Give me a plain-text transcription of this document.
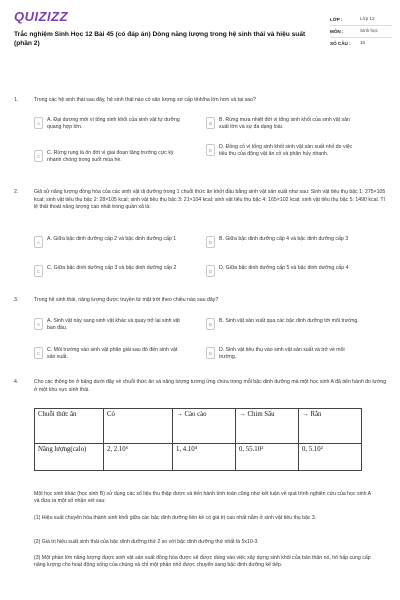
QUIZIZZ
Trắc nghiệm Sinh Học 12 Bài 45 (có đáp án) Dòng năng lượng trong hệ sinh thái và hiệu suất (phần 2)
LỚP :	Lớp 12
MÔN :	Sinh học
SỐ CÂU :	15
1.	Trong các hệ sinh thái sau đây, hệ sinh thái nào có sản lượng sơ cấp tinh/ha lớn hơn và tại sao?
A	A. Đại dương mới vì tổng sinh khối của sinh vật tự dưỡng quang hợp lớn.
B	B. Rừng mưa nhiệt đới vì tổng sinh khối của sinh vật sản xuất lớn và sự đa dạng loài.
C	C. Rừng rụng lá ôn đới vì giai đoạn tăng trưởng cực kỳ nhanh chóng trong suốt mùa hè.
D	D. Đồng cỏ vì tổng sinh khối sinh vật sản xuất nhỏ do việc tiêu thụ của động vật ăn cỏ và phân hủy nhanh.
2.	Giả sử năng lượng đồng hóa của các sinh vật dị dưỡng trong 1 chuỗi thức ăn khởi đầu bằng sinh vật sản xuất như sau: Sinh vật tiêu thụ bậc 1: 275×105 kcal; sinh vật tiêu thụ bậc 2: 28×105 kcal; sinh vật tiêu thụ bậc 3: 21×104 kcal; sinh vật tiêu thụ bậc 4: 165×102 kcal; sinh vật tiêu thụ bậc 5: 1490 kcal. Tỉ lệ thất thoát năng lượng cao nhất trong quần xã là:
A	A. Giữa bậc dinh dưỡng cấp 2 và bậc dinh dưỡng cấp 1	B	B. Giữa bậc dinh dưỡng cấp 4 và bậc dinh dưỡng cấp 3
C	C. Giữa bậc dinh dưỡng cấp 3 và bậc dinh dưỡng cấp 2	D	D. Giữa bậc dinh dưỡng cấp 5 và bậc dinh dưỡng cấp 4
3.	Trong hệ sinh thái, năng lượng được truyền từ mặt trời theo chiều nào sau đây?
A	A. Sinh vật này sang sinh vật khác và quay trở lại sinh vật ban đầu.
B	B. Sinh vật sản xuất qua các bậc dinh dưỡng tới môi trường.
C	C. Môi trường vào sinh vật phân giải sau đó đến sinh vật sản xuất.
D	D. Sinh vật tiêu thụ vào sinh vật sản xuất và trở về môi trường.
4.	Cho các thông tin ở bảng dưới đây về chuỗi thức ăn và năng lượng tương ứng chứa trong mỗi bậc dinh dưỡng mà một học sinh A đã tiến hành đo lường ở một khu vực sinh thái.
Chuỗi thức ăn	Cỏ	→ Cào cào	→ Chim Sâu	→ Rắn
Năng lượng(calo)	2, 2.10⁶	1, 4.10⁴	0, 55.10²	0, 5.10²
Một học sinh khác (học sinh B) sử dụng các số liệu thu thập được và tiến hành tính toán cũng như kết luận về quá trình nghiên cứu của học sinh A và đưa ra một số nhận xét sau:
(1) Hiệu suất chuyển hóa thành sinh khối giữa các bậc dinh dưỡng liền kề có giá trị cao nhất nằm ở sinh vật tiêu thụ bậc 3.
(2) Giá trị hiệu suất sinh thái của bậc dinh dưỡng thứ 2 so với bậc dinh dưỡng thứ nhất là 5x10-3
(3) Một phần lớn năng lượng được sinh vật sản xuất đồng hóa được sẽ được dùng vào việc xây dựng sinh khối của bản thân nó, hô hấp cung cấp năng lượng cho hoạt động sống của chúng và chỉ một phần nhỏ được chuyển sang bậc dinh dưỡng kế tiếp.
